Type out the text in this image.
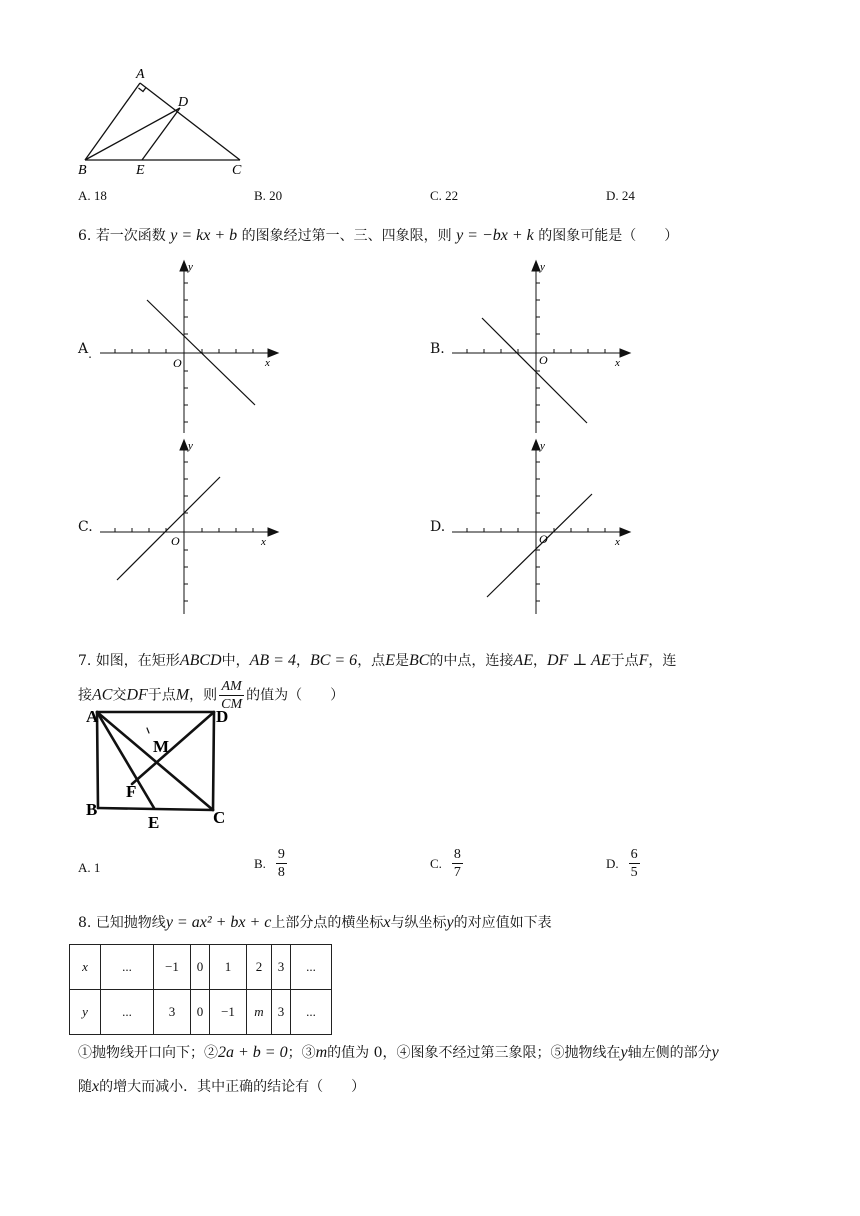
A
D
B	E	C
A. 18	B. 20	C. 22	D. 24
6. 若一次函数 y = kx + b 的图象经过第一、三、四象限，则 y = −bx + k 的图象可能是（　　）
A.
y
x
O
B.
y
x
O
C.
y
x
O
D.
y
x
O
7. 如图，在矩形ABCD中，AB = 4，BC = 6，点E是BC的中点，连接AE，DF ⊥ AE于点F，连
接AC交DF于点M，则 $\frac{AM}{CM}$ 的值为（　　）
A	D
M
F
B
E	C
A. 1	B. $\frac{9}{8}$	C. $\frac{8}{7}$	D. $\frac{6}{5}$
8. 已知抛物线y = ax² + bx + c上部分点的横坐标x与纵坐标y的对应值如下表
x	...	−1	0	1	2	3	...
y	...	3	0	−1	m	3	...
①抛物线开口向下；②2a + b = 0；③m的值为 0，④图象不经过第三象限；⑤抛物线在y轴左侧的部分y
随x的增大而减小．其中正确的结论有（　　）
